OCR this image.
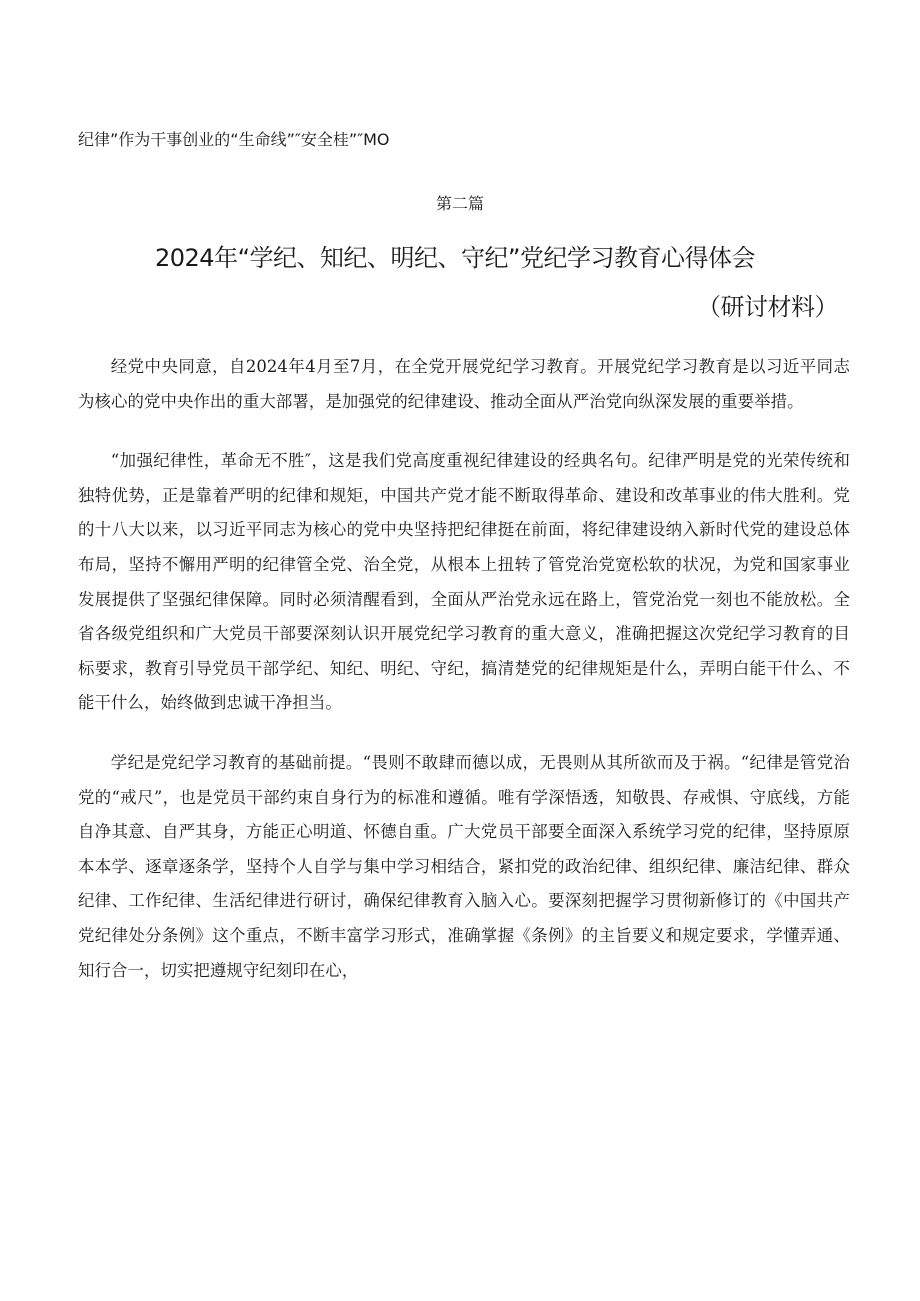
纪律”作为干事创业的“生命线”″安全桂”″MO
第二篇
2024年“学纪、知纪、明纪、守纪”党纪学习教育心得体会
（研讨材料）

经党中央同意，自2024年4月至7月，在全党开展党纪学习教育。开展党纪学习教育是以习近平同志为核心的党中央作出的重大部署，是加强党的纪律建设、推动全面从严治党向纵深发展的重要举措。

“加强纪律性，革命无不胜″，这是我们党高度重视纪律建设的经典名句。纪律严明是党的光荣传统和独特优势，正是靠着严明的纪律和规矩，中国共产党才能不断取得革命、建设和改革事业的伟大胜利。党的十八大以来，以习近平同志为核心的党中央坚持把纪律挺在前面，将纪律建设纳入新时代党的建设总体布局，坚持不懈用严明的纪律管全党、治全党，从根本上扭转了管党治党宽松软的状况，为党和国家事业发展提供了坚强纪律保障。同时必须清醒看到，全面从严治党永远在路上，管党治党一刻也不能放松。全省各级党组织和广大党员干部要深刻认识开展党纪学习教育的重大意义，准确把握这次党纪学习教育的目标要求，教育引导党员干部学纪、知纪、明纪、守纪，搞清楚党的纪律规矩是什么，弄明白能干什么、不能干什么，始终做到忠诚干净担当。

学纪是党纪学习教育的基础前提。“畏则不敢肆而德以成，无畏则从其所欲而及于祸。“纪律是管党治党的“戒尺”，也是党员干部约束自身行为的标准和遵循。唯有学深悟透，知敬畏、存戒惧、守底线，方能自净其意、自严其身，方能正心明道、怀德自重。广大党员干部要全面深入系统学习党的纪律，坚持原原本本学、逐章逐条学，坚持个人自学与集中学习相结合，紧扣党的政治纪律、组织纪律、廉洁纪律、群众纪律、工作纪律、生活纪律进行研讨，确保纪律教育入脑入心。要深刻把握学习贯彻新修订的《中国共产党纪律处分条例》这个重点，不断丰富学习形式，准确掌握《条例》的主旨要义和规定要求，学懂弄通、知行合一，切实把遵规守纪刻印在心，
